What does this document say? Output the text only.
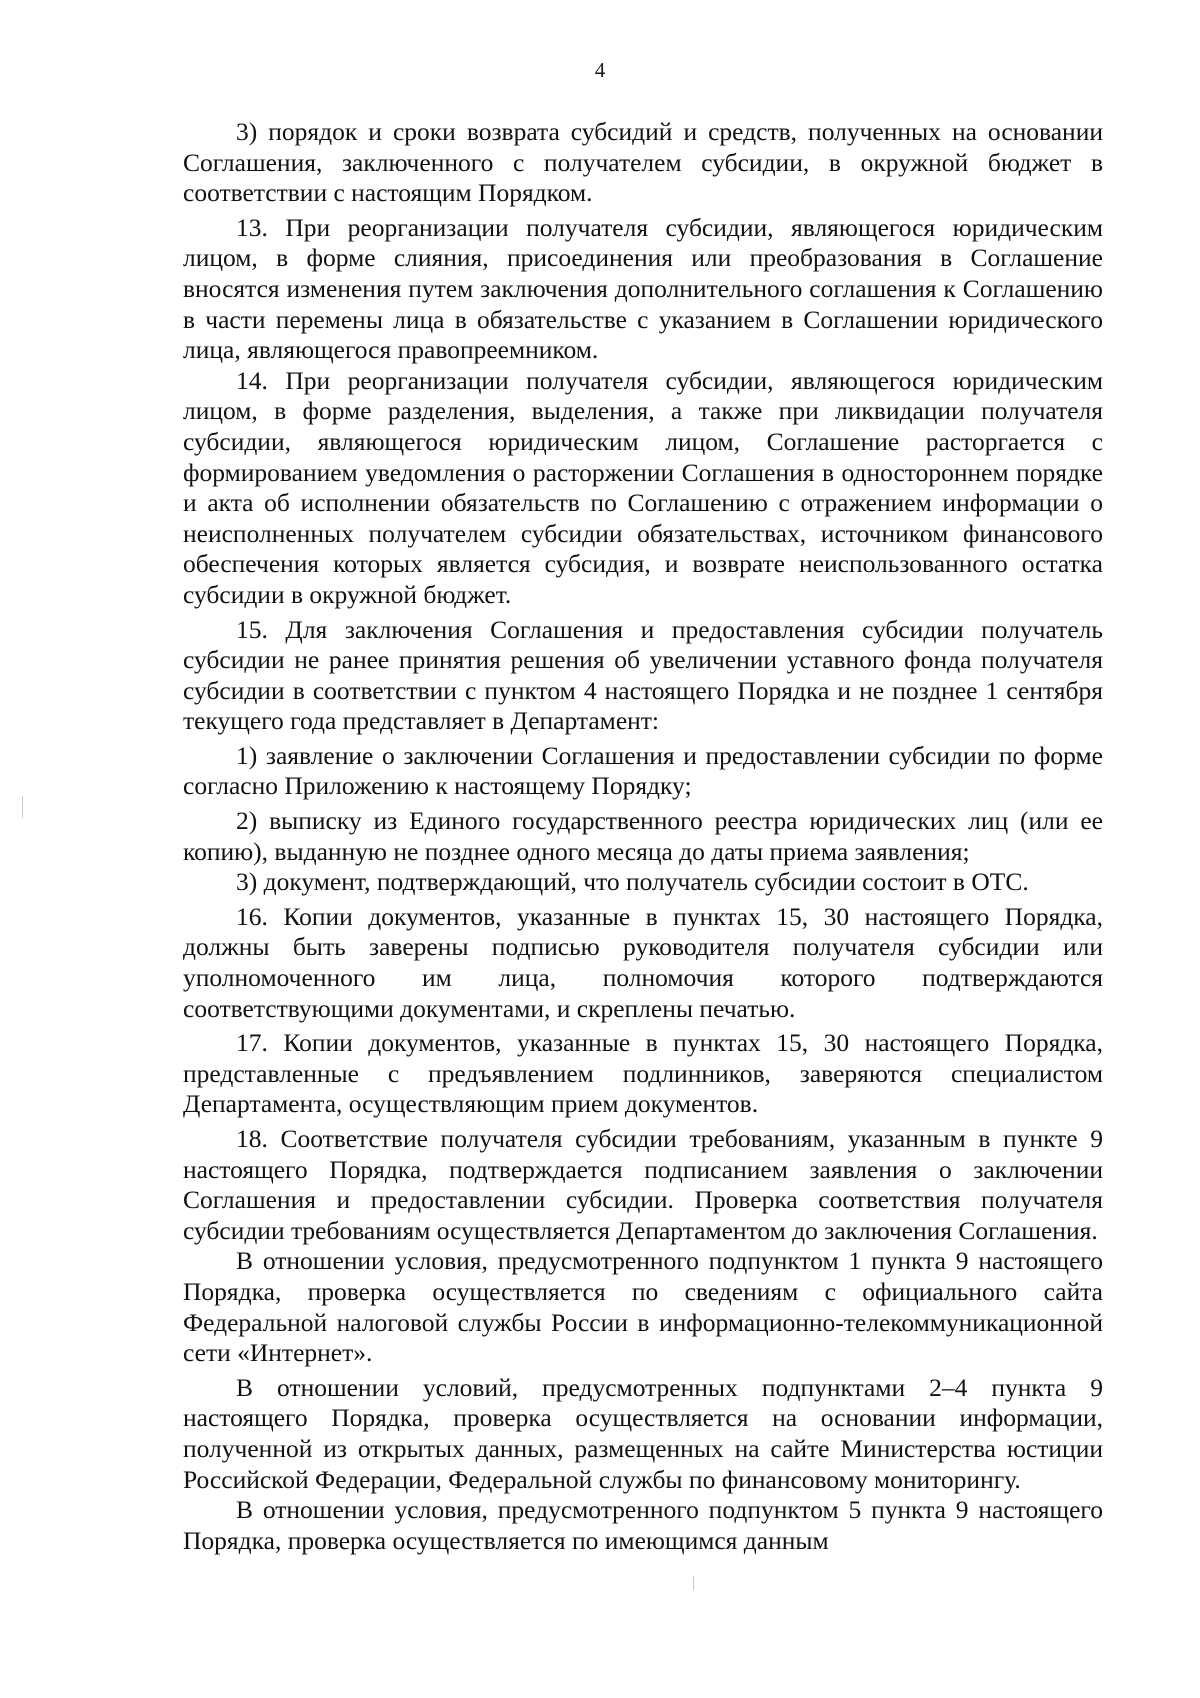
4

3) порядок и сроки возврата субсидий и средств, полученных на основании Соглашения, заключенного с получателем субсидии, в окружной бюджет в соответствии с настоящим Порядком.

13. При реорганизации получателя субсидии, являющегося юридическим лицом, в форме слияния, присоединения или преобразования в Соглашение вносятся изменения путем заключения дополнительного соглашения к Соглашению в части перемены лица в обязательстве с указанием в Соглашении юридического лица, являющегося правопреемником.

14. При реорганизации получателя субсидии, являющегося юридическим лицом, в форме разделения, выделения, а также при ликвидации получателя субсидии, являющегося юридическим лицом, Соглашение расторгается с формированием уведомления о расторжении Соглашения в одностороннем порядке и акта об исполнении обязательств по Соглашению с отражением информации о неисполненных получателем субсидии обязательствах, источником финансового обеспечения которых является субсидия, и возврате неиспользованного остатка субсидии в окружной бюджет.

15. Для заключения Соглашения и предоставления субсидии получатель субсидии не ранее принятия решения об увеличении уставного фонда получателя субсидии в соответствии с пунктом 4 настоящего Порядка и не позднее 1 сентября текущего года представляет в Департамент:

1) заявление о заключении Соглашения и предоставлении субсидии по форме согласно Приложению к настоящему Порядку;

2) выписку из Единого государственного реестра юридических лиц (или ее копию), выданную не позднее одного месяца до даты приема заявления;

3) документ, подтверждающий, что получатель субсидии состоит в ОТС.

16. Копии документов, указанные в пунктах 15, 30 настоящего Порядка, должны быть заверены подписью руководителя получателя субсидии или уполномоченного им лица, полномочия которого подтверждаются соответствующими документами, и скреплены печатью.

17. Копии документов, указанные в пунктах 15, 30 настоящего Порядка, представленные с предъявлением подлинников, заверяются специалистом Департамента, осуществляющим прием документов.

18. Соответствие получателя субсидии требованиям, указанным в пункте 9 настоящего Порядка, подтверждается подписанием заявления о заключении Соглашения и предоставлении субсидии. Проверка соответствия получателя субсидии требованиям осуществляется Департаментом до заключения Соглашения.

В отношении условия, предусмотренного подпунктом 1 пункта 9 настоящего Порядка, проверка осуществляется по сведениям с официального сайта Федеральной налоговой службы России в информационно-телекоммуникационной сети «Интернет».

В отношении условий, предусмотренных подпунктами 2–4 пункта 9 настоящего Порядка, проверка осуществляется на основании информации, полученной из открытых данных, размещенных на сайте Министерства юстиции Российской Федерации, Федеральной службы по финансовому мониторингу.

В отношении условия, предусмотренного подпунктом 5 пункта 9 настоящего Порядка, проверка осуществляется по имеющимся данным
